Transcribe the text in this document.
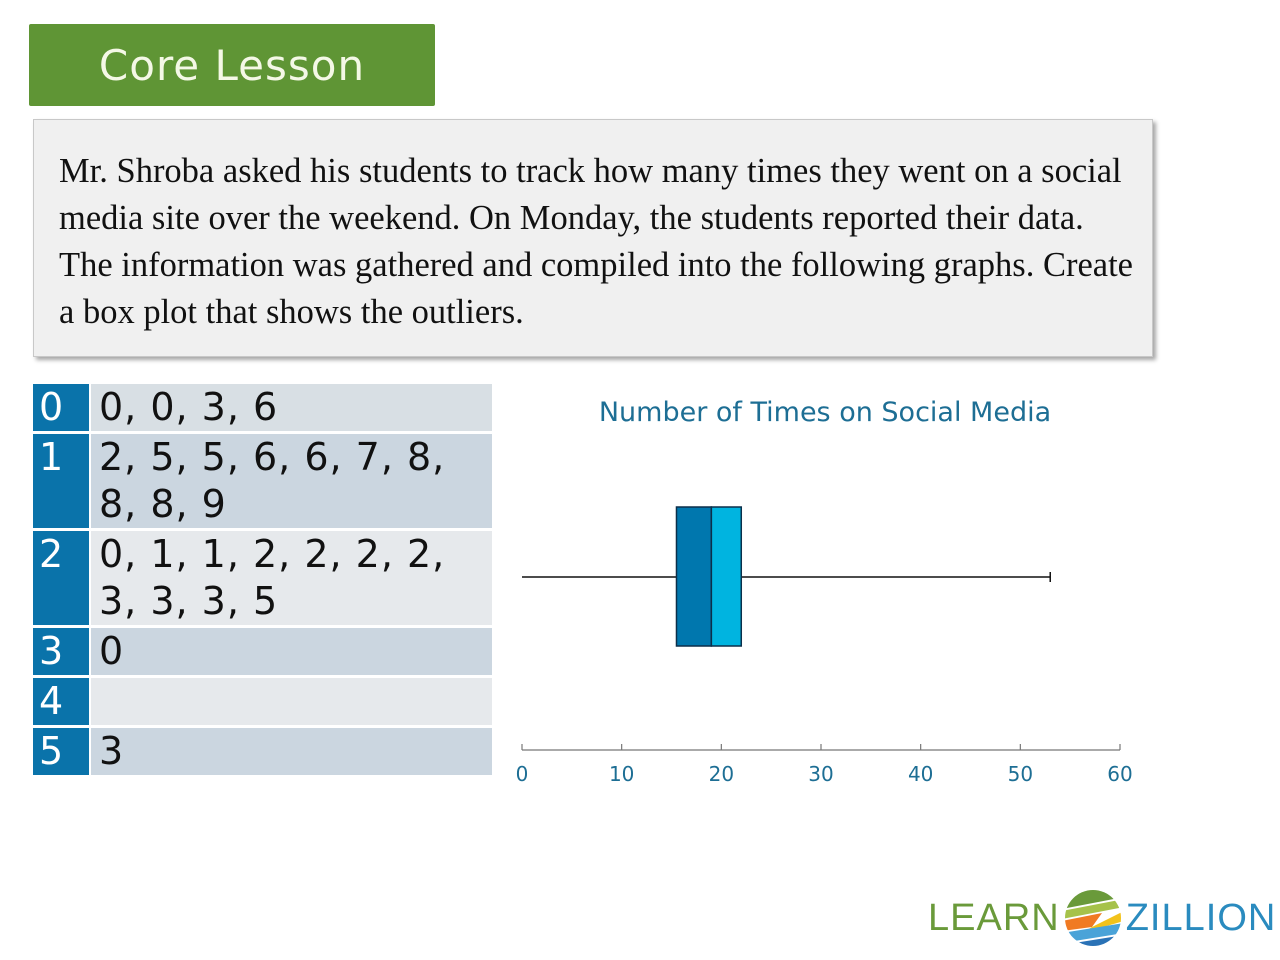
Core Lesson

Mr. Shroba asked his students to track how many times they went on a social media site over the weekend. On Monday, the students reported their data. The information was gathered and compiled into the following graphs. Create a box plot that shows the outliers.

0 0, 0, 3, 6
1 2, 5, 5, 6, 6, 7, 8, 8, 8, 9
2 0, 1, 1, 2, 2, 2, 2, 3, 3, 3, 5
3 0
4
5 3
Number of Times on Social Media
0	10	20	30	40	50	60
LEARN ZILLION
